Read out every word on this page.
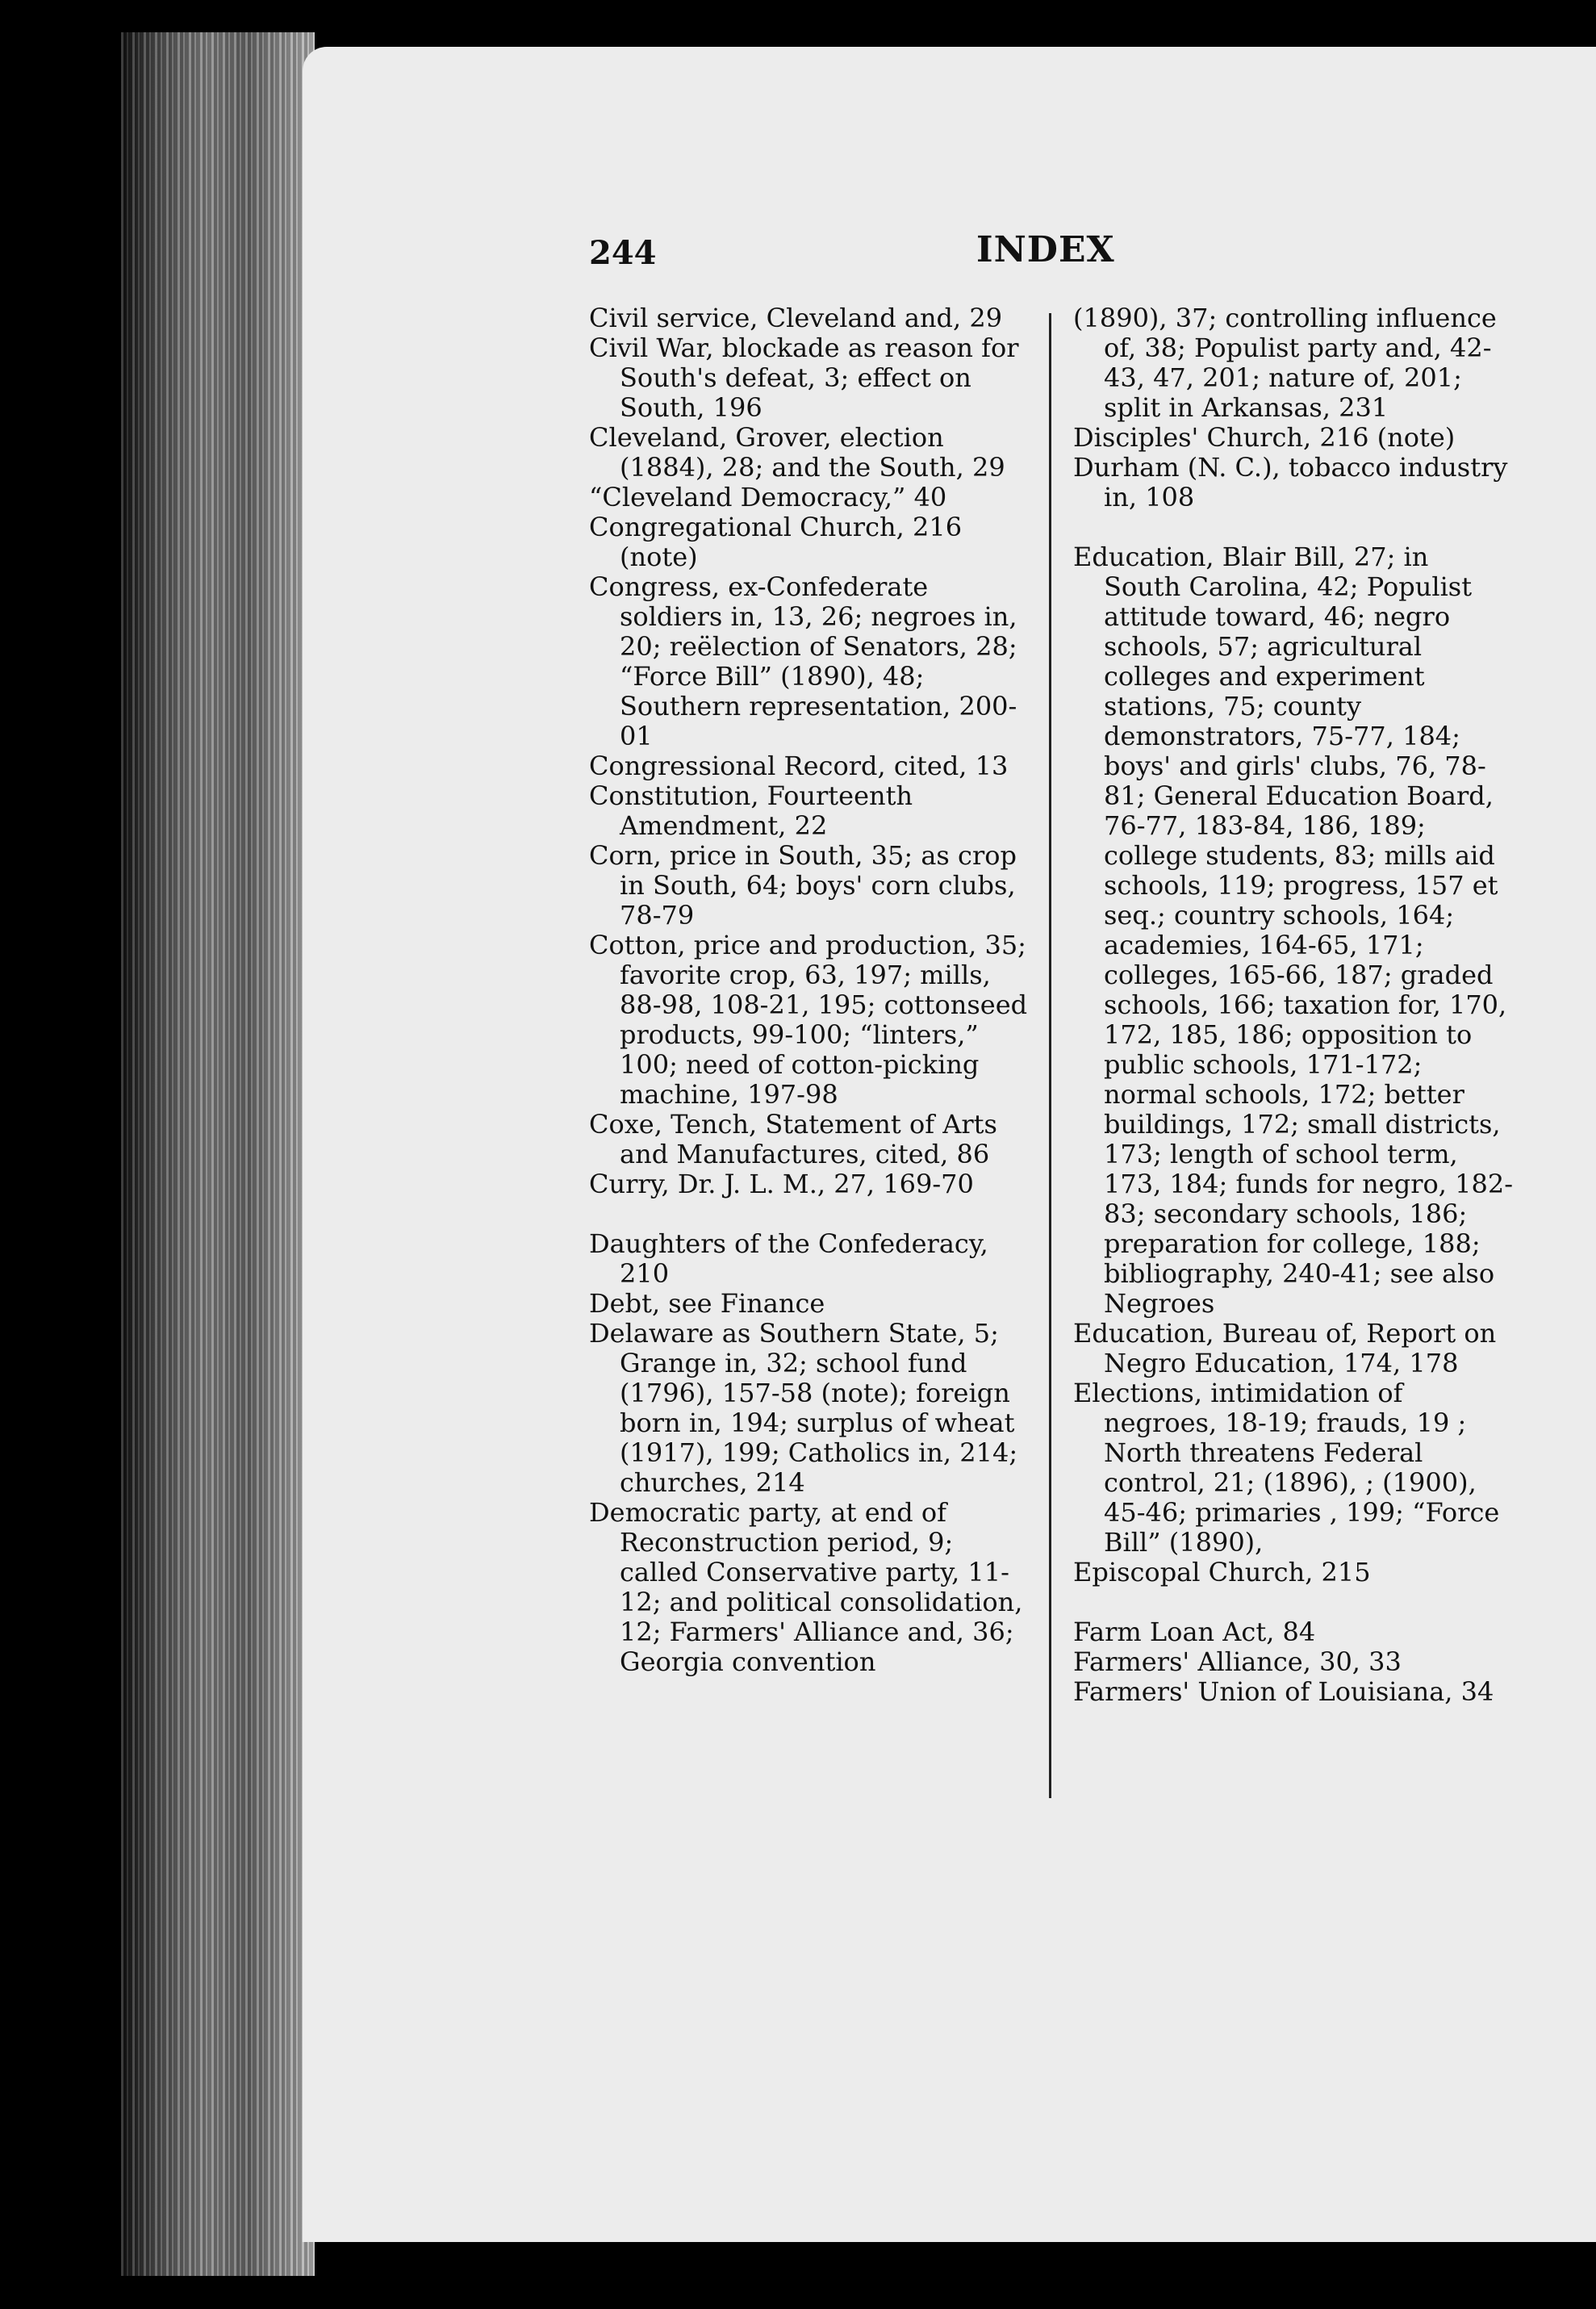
244	INDEX

Civil service, Cleveland and, 29

Civil War, blockade as reason for South's defeat, 3; effect on South, 196

Cleveland, Grover, election (1884), 28; and the South, 29

“Cleveland Democracy,” 40

Congregational Church, 216 (note)

Congress, ex-Confederate soldiers in, 13, 26; negroes in, 20; reëlection of Senators, 28; “Force Bill” (1890), 48; Southern representation, 200-01

Congressional Record, cited, 13

Constitution, Fourteenth Amendment, 22

Corn, price in South, 35; as crop in South, 64; boys' corn clubs, 78-79

Cotton, price and production, 35; favorite crop, 63, 197; mills, 88-98, 108-21, 195; cottonseed products, 99-100; “linters,” 100; need of cotton-picking machine, 197-98

Coxe, Tench, Statement of Arts and Manufactures, cited, 86

Curry, Dr. J. L. M., 27, 169-70

Daughters of the Confederacy, 210

Debt, see Finance

Delaware as Southern State, 5; Grange in, 32; school fund (1796), 157-58 (note); foreign born in, 194; surplus of wheat (1917), 199; Catholics in, 214; churches, 214

Democratic party, at end of Reconstruction period, 9; called Conservative party, 11-12; and political consolidation, 12; Farmers' Alliance and, 36; Georgia convention

(1890), 37; controlling influence of, 38; Populist party and, 42-43, 47, 201; nature of, 201; split in Arkansas, 231

Disciples' Church, 216 (note)

Durham (N. C.), tobacco industry in, 108

Education, Blair Bill, 27; in South Carolina, 42; Populist attitude toward, 46; negro schools, 57; agricultural colleges and experiment stations, 75; county demonstrators, 75-77, 184; boys' and girls' clubs, 76, 78-81; General Education Board, 76-77, 183-84, 186, 189; college students, 83; mills aid schools, 119; progress, 157 et seq.; country schools, 164; academies, 164-65, 171; colleges, 165-66, 187; graded schools, 166; taxation for, 170, 172, 185, 186; opposition to public schools, 171-172; normal schools, 172; better buildings, 172; small districts, 173; length of school term, 173, 184; funds for negro, 182-83; secondary schools, 186; preparation for college, 188; bibliography, 240-41; see also Negroes

Education, Bureau of, Report on Negro Education, 174, 178

Elections, intimidation of negroes, 18-19; frauds, 19 ; North threatens Federal control, 21; (1896), ; (1900), 45-46; primaries , 199; “Force Bill” (1890),

Episcopal Church, 215

Farm Loan Act, 84

Farmers' Alliance, 30, 33

Farmers' Union of Louisiana, 34
